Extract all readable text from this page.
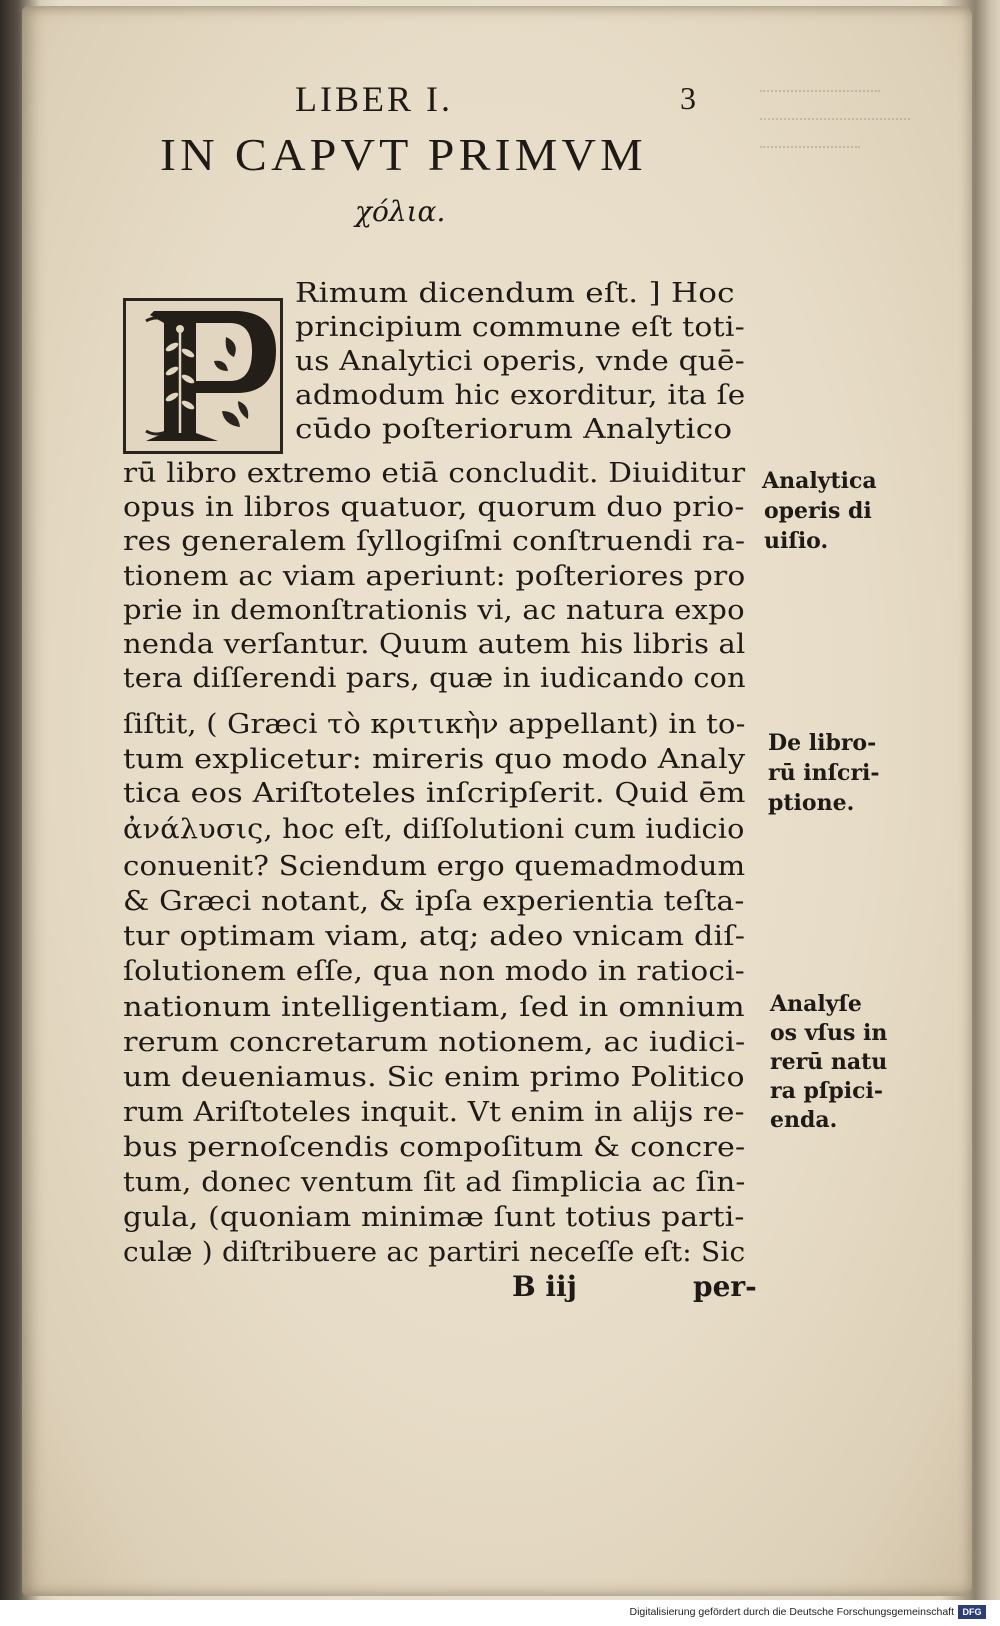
LIBER I.	3
IN CAPVT PRIMVM
χόλια.
Rimum dicendum eſt. ] Hoc
principium commune eſt toti-
us Analytici operis, vnde quē-
admodum hic exorditur, ita ſe
cūdo poſteriorum Analytico
rū libro extremo etiā concludit. Diuiditur
opus in libros quatuor, quorum duo prio-
res generalem ſyllogiſmi conſtruendi ra-
tionem ac viam aperiunt: poſteriores pro
prie in demonſtrationis vi, ac natura expo
nenda verſantur. Quum autem his libris al
tera diſſerendi pars, quæ in iudicando con
ſiſtit, ( Græci τὸ κριτικὴν appellant) in to-
tum explicetur: mireris quo modo Analy
tica eos Ariſtoteles inſcripſerit. Quid ēm
ἀνάλυσις, hoc eſt, diſſolutioni cum iudicio
conuenit? Sciendum ergo quemadmodum
& Græci notant, & ipſa experientia teſta-
tur optimam viam, atq; adeo vnicam diſ-
ſolutionem eſſe, qua non modo in ratioci-
nationum intelligentiam, ſed in omnium
rerum concretarum notionem, ac iudici-
um deueniamus. Sic enim primo Politico
rum Ariſtoteles inquit. Vt enim in alijs re-
bus pernoſcendis compoſitum & concre-
tum, donec ventum ſit ad ſimplicia ac ſin-
gula, (quoniam minimæ ſunt totius parti-
culæ ) diſtribuere ac partiri neceſſe eſt: Sic
Analytica
operis di
uiſio.
De libro-
rū inſcri-
ptione.
Analyſe
os vſus in
rerū natu
ra pſpici-
enda.
B iij	per-
Digitalisierung gefördert durch die Deutsche Forschungsgemeinschaft DFG
